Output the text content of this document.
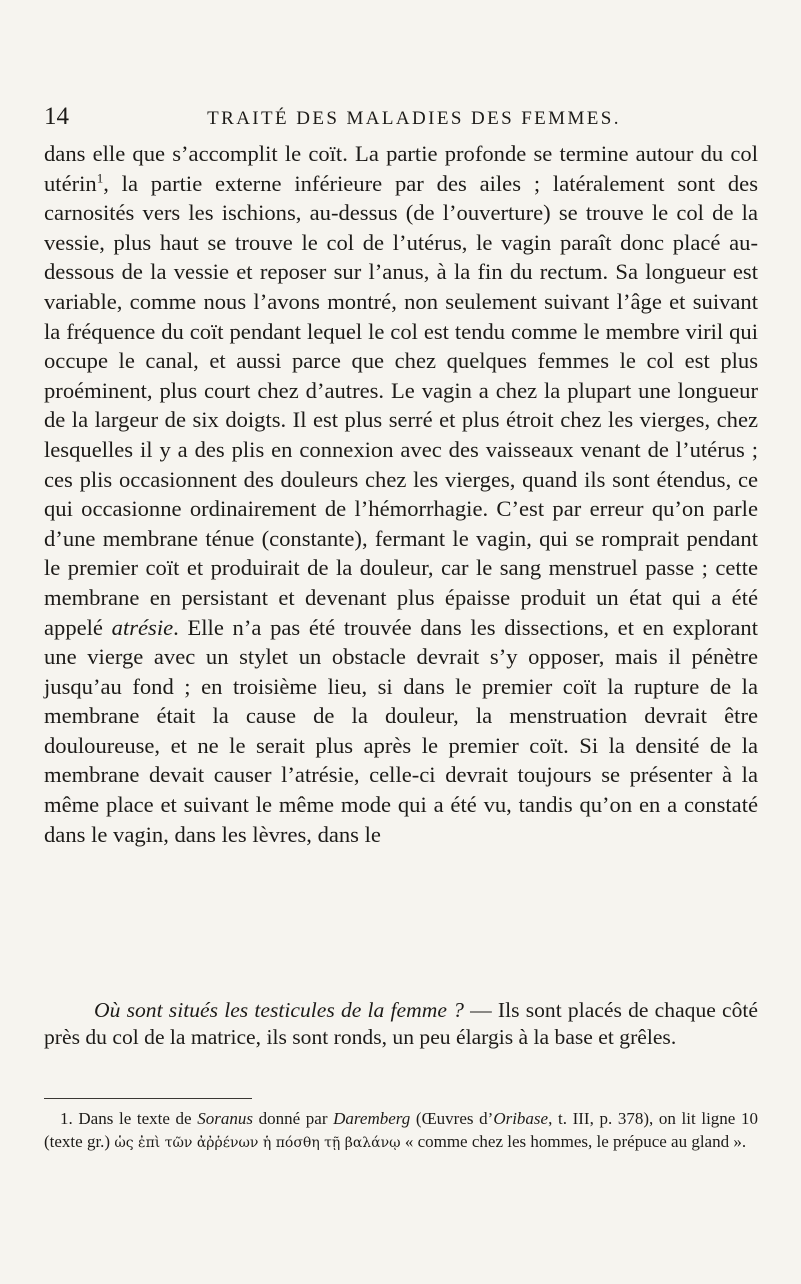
14	TRAITÉ DES MALADIES DES FEMMES.

dans elle que s’accomplit le coït. La partie profonde se termine autour du col utérin$^1$, la partie externe inférieure par des ailes ; latéralement sont des carnosités vers les ischions, au-dessus (de l’ouverture) se trouve le col de la vessie, plus haut se trouve le col de l’utérus, le vagin paraît donc placé au-dessous de la vessie et reposer sur l’anus, à la fin du rectum. Sa longueur est variable, comme nous l’avons montré, non seulement suivant l’âge et suivant la fréquence du coït pendant lequel le col est tendu comme le membre viril qui occupe le canal, et aussi parce que chez quelques femmes le col est plus proéminent, plus court chez d’autres. Le vagin a chez la plupart une longueur de la largeur de six doigts. Il est plus serré et plus étroit chez les vierges, chez lesquelles il y a des plis en connexion avec des vaisseaux venant de l’utérus ; ces plis occasionnent des douleurs chez les vierges, quand ils sont étendus, ce qui occasionne ordinairement de l’hémorrhagie. C’est par erreur qu’on parle d’une membrane ténue (constante), fermant le vagin, qui se romprait pendant le premier coït et produirait de la douleur, car le sang menstruel passe ; cette membrane en persistant et devenant plus épaisse produit un état qui a été appelé atrésie. Elle n’a pas été trouvée dans les dissections, et en explorant une vierge avec un stylet un obstacle devrait s’y opposer, mais il pénètre jusqu’au fond ; en troisième lieu, si dans le premier coït la rupture de la membrane était la cause de la douleur, la menstruation devrait être douloureuse, et ne le serait plus après le premier coït. Si la densité de la membrane devait causer l’atrésie, celle-ci devrait toujours se présenter à la même place et suivant le même mode qui a été vu, tandis qu’on en a constaté dans le vagin, dans les lèvres, dans le

Où sont situés les testicules de la femme ? — Ils sont placés de chaque côté près du col de la matrice, ils sont ronds, un peu élargis à la base et grêles.

1. Dans le texte de Soranus donné par Daremberg (Œuvres d’Oribase, t. III, p. 378), on lit ligne 10 (texte gr.) ὡς ἐπὶ τῶν ἀῤῥένων ἡ πόσθη τῇ βαλάνῳ « comme chez les hommes, le prépuce au gland ».
